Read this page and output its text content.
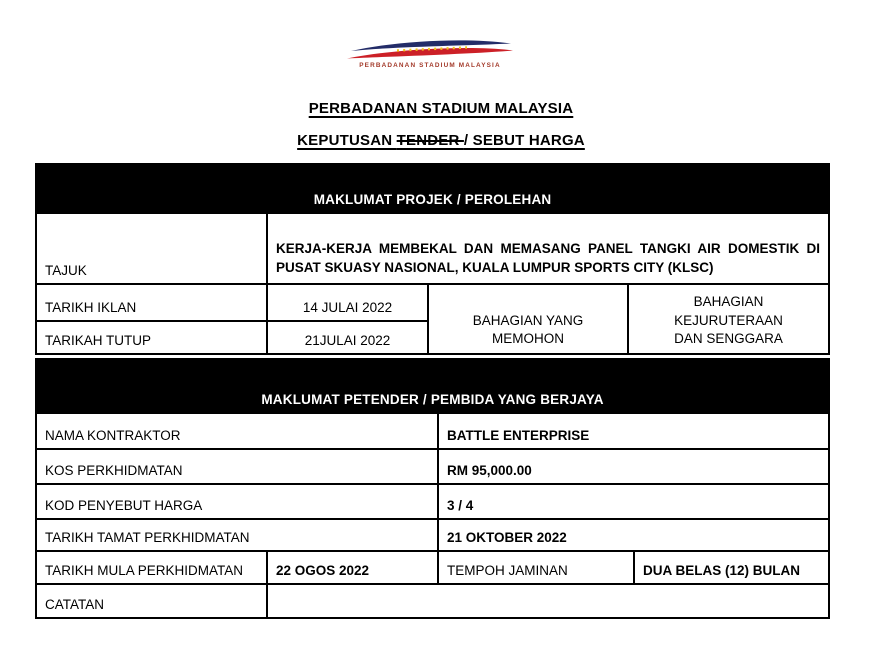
PERBADANAN STADIUM MALAYSIA
PERBADANAN STADIUM MALAYSIA
KEPUTUSAN TENDER / SEBUT HARGA
MAKLUMAT PROJEK / PEROLEHAN			
TAJUK	KERJA-KERJA MEMBEKAL DAN MEMASANG PANEL TANGKI AIR DOMESTIK DI PUSAT SKUASY NASIONAL, KUALA LUMPUR SPORTS CITY (KLSC)		
TARIKH IKLAN	14 JULAI 2022	BAHAGIAN YANG MEMOHON	BAHAGIAN KEJURUTERAAN DAN SENGGARA
TARIKAH TUTUP	21JULAI 2022		
MAKLUMAT PETENDER / PEMBIDA YANG BERJAYA			
NAMA KONTRAKTOR		BATTLE ENTERPRISE	
KOS PERKHIDMATAN		RM 95,000.00	
KOD PENYEBUT HARGA		3 / 4	
TARIKH TAMAT PERKHIDMATAN		21 OKTOBER 2022	
TARIKH MULA PERKHIDMATAN	22 OGOS 2022	TEMPOH JAMINAN	DUA BELAS (12) BULAN
CATATAN			
